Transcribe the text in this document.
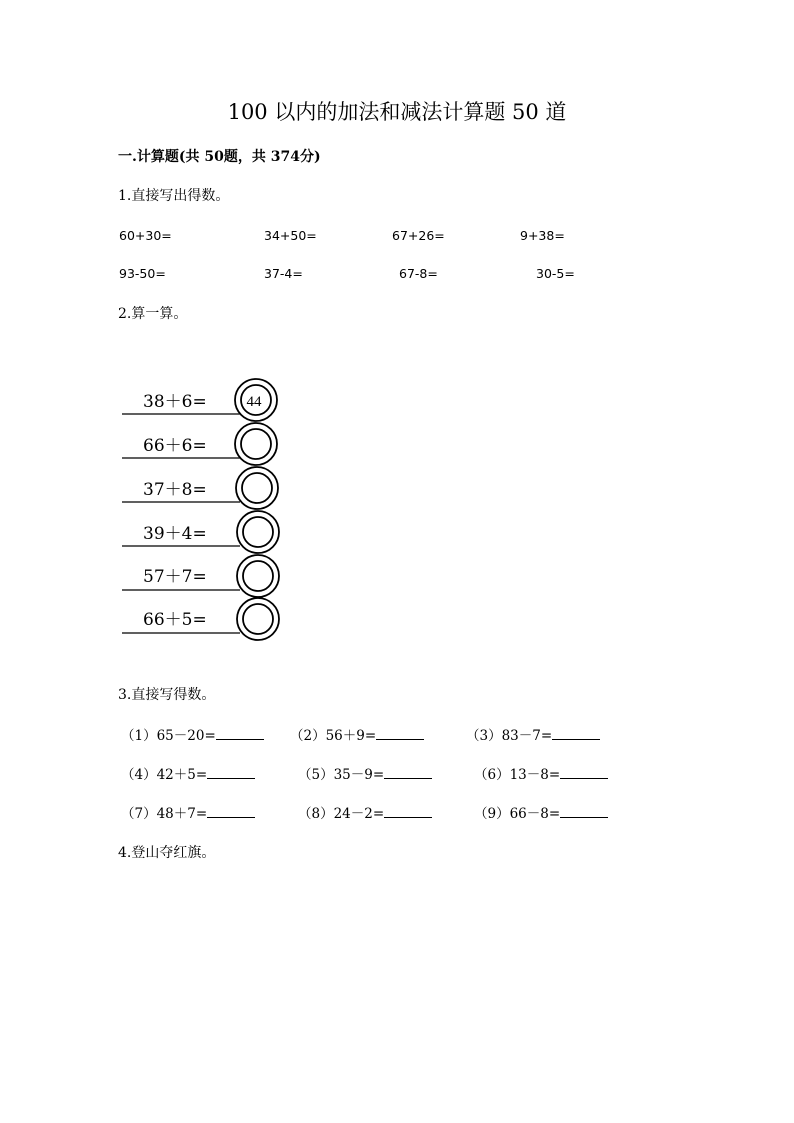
100 以内的加法和减法计算题 50 道
一.计算题(共 50题，共 374分)
1.直接写出得数。
60+30=	34+50=	67+26=	9+38=
93-50=	37-4=	67-8=	30-5=
2.算一算。
44
38＋6=
66＋6=
37＋8=
39＋4=
57＋7=
66＋5=
3.直接写得数。
（1）65－20=	（2）56＋9=	（3）83－7=
（4）42＋5=	（5）35－9=	（6）13－8=
（7）48＋7=	（8）24－2=	（9）66－8=
4.登山夺红旗。
